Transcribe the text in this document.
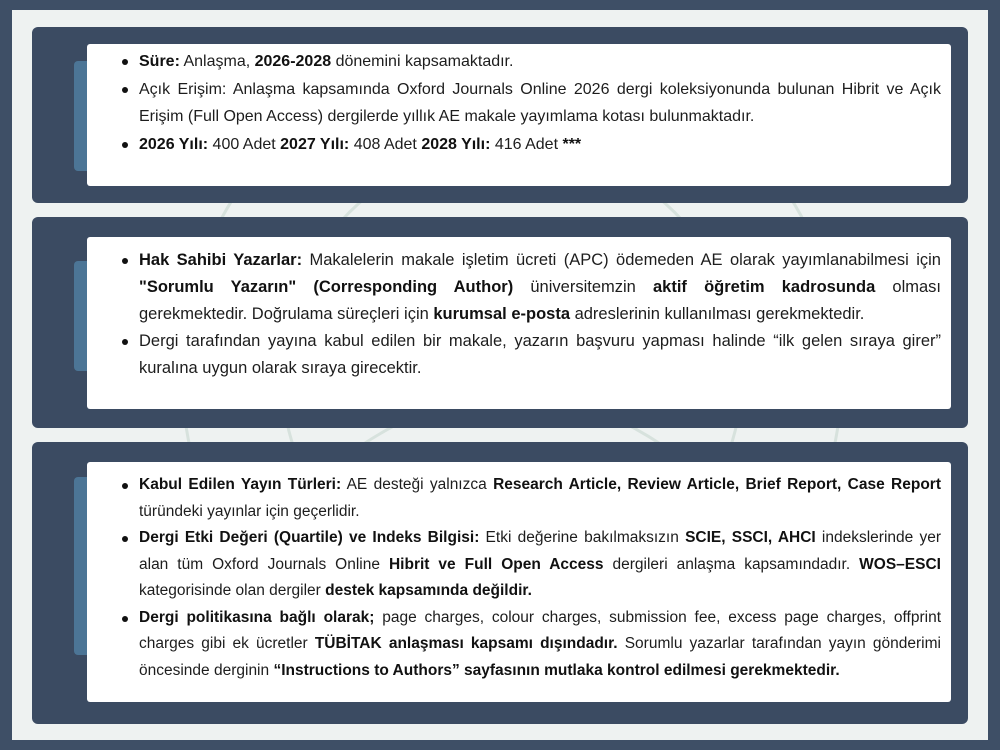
Süre: Anlaşma, 2026-2028 dönemini kapsamaktadır.
Açık Erişim: Anlaşma kapsamında Oxford Journals Online 2026 dergi koleksiyonunda bulunan Hibrit ve Açık Erişim (Full Open Access) dergilerde yıllık AE makale yayımlama kotası bulunmaktadır.
2026 Yılı: 400 Adet 2027 Yılı: 408 Adet 2028 Yılı: 416 Adet ***
Hak Sahibi Yazarlar: Makalelerin makale işletim ücreti (APC) ödemeden AE olarak yayımlanabilmesi için "Sorumlu Yazarın" (Corresponding Author) üniversitemzin aktif öğretim kadrosunda olması gerekmektedir. Doğrulama süreçleri için kurumsal e-posta adreslerinin kullanılması gerekmektedir.
Dergi tarafından yayına kabul edilen bir makale, yazarın başvuru yapması halinde “ilk gelen sıraya girer” kuralına uygun olarak sıraya girecektir.
Kabul Edilen Yayın Türleri: AE desteği yalnızca Research Article, Review Article, Brief Report, Case Report türündeki yayınlar için geçerlidir.
Dergi Etki Değeri (Quartile) ve Indeks Bilgisi: Etki değerine bakılmaksızın SCIE, SSCI, AHCI indekslerinde yer alan tüm Oxford Journals Online Hibrit ve Full Open Access dergileri anlaşma kapsamındadır. WOS–ESCI kategorisinde olan dergiler destek kapsamında değildir.
Dergi politikasına bağlı olarak; page charges, colour charges, submission fee, excess page charges, offprint charges gibi ek ücretler TÜBİTAK anlaşması kapsamı dışındadır. Sorumlu yazarlar tarafından yayın gönderimi öncesinde derginin “Instructions to Authors” sayfasının mutlaka kontrol edilmesi gerekmektedir.
